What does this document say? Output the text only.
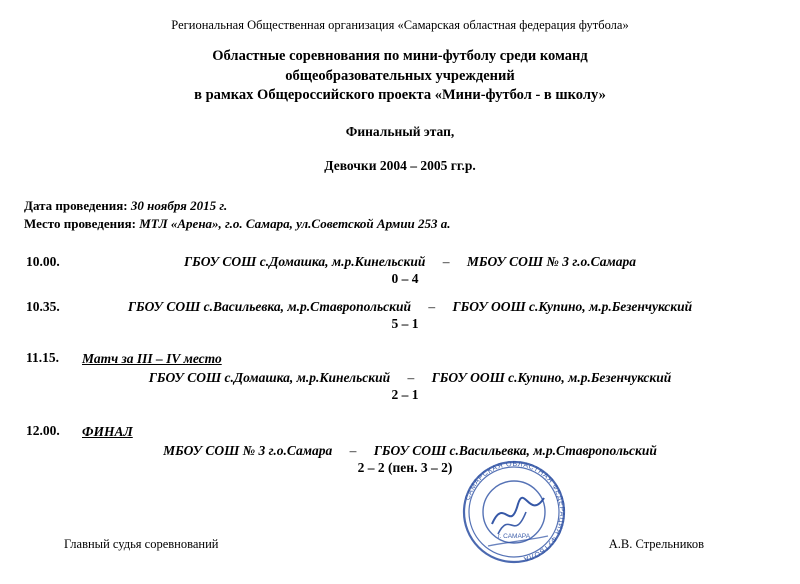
Региональная Общественная организация «Самарская областная федерация футбола»
Областные соревнования по мини-футболу среди команд
общеобразовательных учреждений
в рамках Общероссийского проекта «Мини-футбол - в школу»
Финальный этап,
Девочки 2004 – 2005 гг.р.
Дата проведения: 30 ноября 2015 г.
Место проведения: МТЛ «Арена», г.о. Самара, ул.Советской Армии 253 а.
10.00.	ГБОУ СОШ с.Домашка, м.р.Кинельский – МБОУ СОШ № 3 г.о.Самара
0 – 4
10.35.	ГБОУ СОШ с.Васильевка, м.р.Ставропольский – ГБОУ ООШ с.Купино, м.р.Безенчукский
5 – 1
11.15. Матч за III – IV место
ГБОУ СОШ с.Домашка, м.р.Кинельский – ГБОУ ООШ с.Купино, м.р.Безенчукский
2 – 1
12.00. ФИНАЛ
МБОУ СОШ № 3 г.о.Самара – ГБОУ СОШ с.Васильевка, м.р.Ставропольский
2 – 2 (пен. 3 – 2)
САМАРСКАЯ ОБЛАСТНАЯ ФЕДЕРАЦИЯ ФУТБОЛА
г. САМАРА
Главный судья соревнований	А.В. Стрельников
